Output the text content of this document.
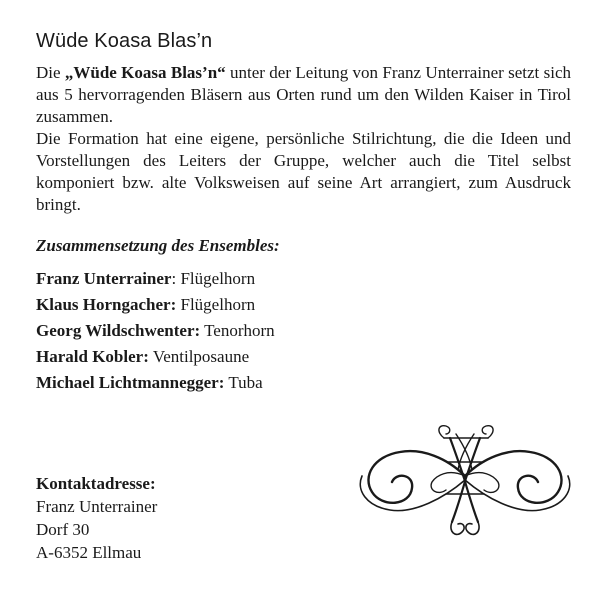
Wüde Koasa Blas’n

Die „Wüde Koasa Blas’n“ unter der Leitung von Franz Unterrainer setzt sich aus 5 hervorragenden Bläsern aus Orten rund um den Wilden Kaiser in Tirol zusammen.

Die Formation hat eine eigene, persönliche Stilrichtung, die die Ideen und Vorstellungen des Leiters der Gruppe, welcher auch die Titel selbst komponiert bzw. alte Volksweisen auf seine Art arrangiert, zum Ausdruck bringt.

Zusammensetzung des Ensembles:
Franz Unterrainer: Flügelhorn
Klaus Horngacher: Flügelhorn
Georg Wildschwenter: Tenorhorn
Harald Kobler: Ventilposaune
Michael Lichtmannegger: Tuba
Kontaktadresse:
Franz Unterrainer
Dorf 30
A-6352 Ellmau
